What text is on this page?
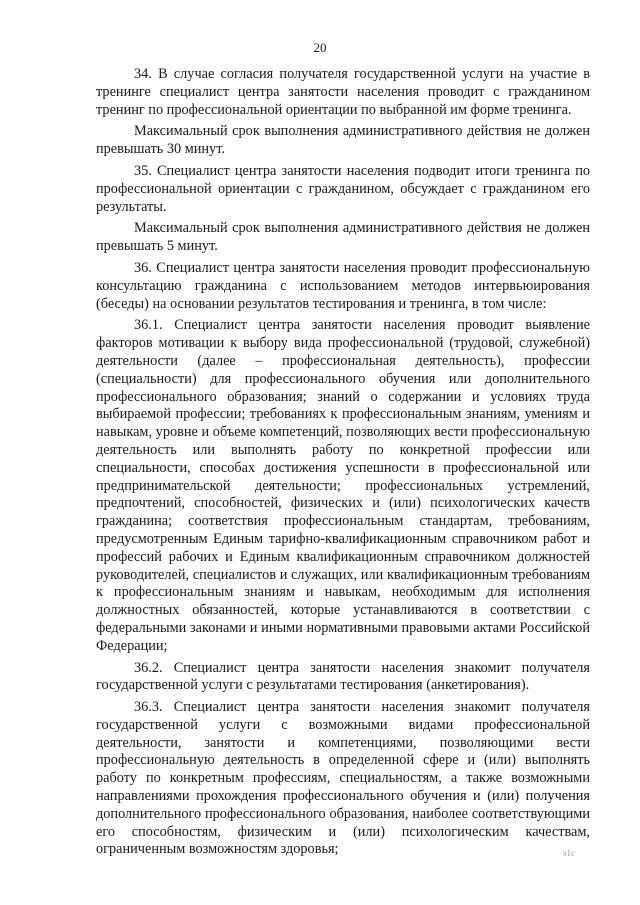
20

34. В случае согласия получателя государственной услуги на участие в тренинге специалист центра занятости населения проводит с гражданином тренинг по профессиональной ориентации по выбранной им форме тренинга.

Максимальный срок выполнения административного действия не должен превышать 30 минут.

35. Специалист центра занятости населения подводит итоги тренинга по профессиональной ориентации с гражданином, обсуждает с гражданином его результаты.

Максимальный срок выполнения административного действия не должен превышать 5 минут.

36. Специалист центра занятости населения проводит профессиональную консультацию гражданина с использованием методов интервьюирования (беседы) на основании результатов тестирования и тренинга, в том числе:

36.1. Специалист центра занятости населения проводит выявление факторов мотивации к выбору вида профессиональной (трудовой, служебной) деятельности (далее – профессиональная деятельность), профессии (специальности) для профессионального обучения или дополнительного профессионального образования; знаний о содержании и условиях труда выбираемой профессии; требованиях к профессиональным знаниям, умениям и навыкам, уровне и объеме компетенций, позволяющих вести профессиональную деятельность или выполнять работу по конкретной профессии или специальности, способах достижения успешности в профессиональной или предпринимательской деятельности; профессиональных устремлений, предпочтений, способностей, физических и (или) психологических качеств гражданина; соответствия профессиональным стандартам, требованиям, предусмотренным Единым тарифно-квалификационным справочником работ и профессий рабочих и Единым квалификационным справочником должностей руководителей, специалистов и служащих, или квалификационным требованиям к профессиональным знаниям и навыкам, необходимым для исполнения должностных обязанностей, которые устанавливаются в соответствии с федеральными законами и иными нормативными правовыми актами Российской Федерации;

36.2. Специалист центра занятости населения знакомит получателя государственной услуги с результатами тестирования (анкетирования).

36.3. Специалист центра занятости населения знакомит получателя государственной услуги с возможными видами профессиональной деятельности, занятости и компетенциями, позволяющими вести профессиональную деятельность в определенной сфере и (или) выполнять работу по конкретным профессиям, специальностям, а также возможными направлениями прохождения профессионального обучения и (или) получения дополнительного профессионального образования, наиболее соответствующими его способностям, физическим и (или) психологическим качествам, ограниченным возможностям здоровья;	з1с
